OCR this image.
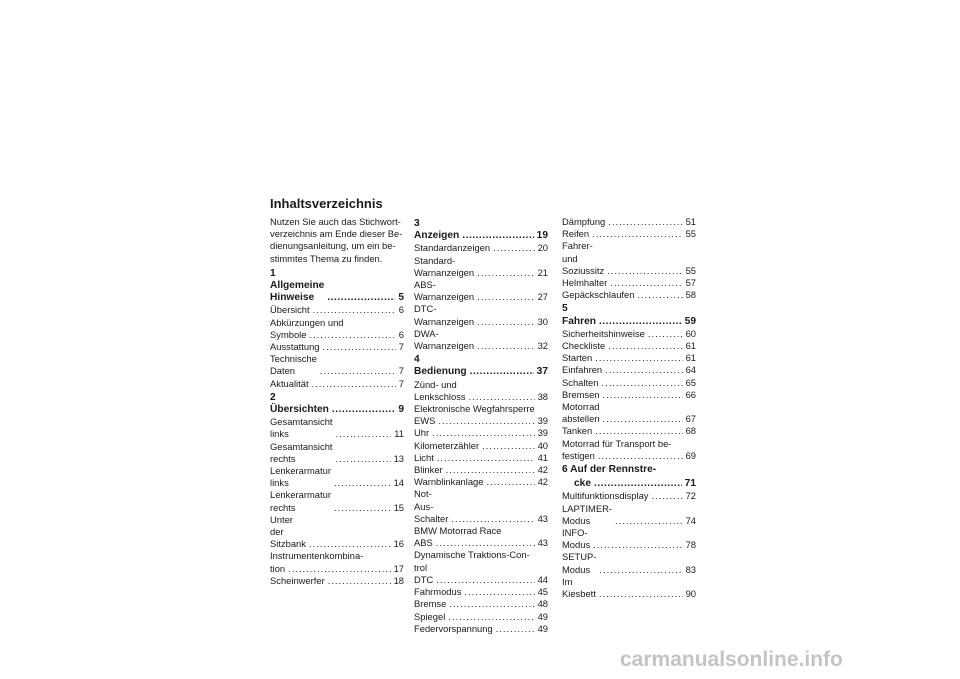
Inhaltsverzeichnis
Nutzen Sie auch das Stichwort-
verzeichnis am Ende dieser Be-
dienungsanleitung, um ein be-
stimmtes Thema zu finden.
1 Allgemeine Hinweise .....	5
Übersicht .....	6
Abkürzungen und
Symbole .....	6
Ausstattung .....	7
Technische Daten .....	7
Aktualität .....	7
2 Übersichten .....	9
Gesamtansicht links .....	11
Gesamtansicht rechts .....	13
Lenkerarmatur links .....	14
Lenkerarmatur rechts .....	15
Unter der Sitzbank .....	16
Instrumentenkombina-
tion .....	17
Scheinwerfer .....	18
3 Anzeigen .....	19
Standardanzeigen .....	20
Standard-Warnanzeigen .....	21
ABS-Warnanzeigen .....	27
DTC-Warnanzeigen .....	30
DWA-Warnanzeigen .....	32
4 Bedienung .....	37
Zünd- und Lenkschloss .....	38
Elektronische Wegfahrsperre
EWS .....	39
Uhr .....	39
Kilometerzähler .....	40
Licht .....	41
Blinker .....	42
Warnblinkanlage .....	42
Not-Aus-Schalter .....	43
BMW Motorrad Race
ABS .....	43
Dynamische Traktions-Con-
trol DTC .....	44
Fahrmodus .....	45
Bremse .....	48
Spiegel .....	49
Federvorspannung .....	49
Dämpfung .....	51
Reifen .....	55
Fahrer- und Soziussitz .....	55
Helmhalter .....	57
Gepäckschlaufen .....	58
5 Fahren .....	59
Sicherheitshinweise .....	60
Checkliste .....	61
Starten .....	61
Einfahren .....	64
Schalten .....	65
Bremsen .....	66
Motorrad abstellen .....	67
Tanken .....	68
Motorrad für Transport be-
festigen .....	69
6 Auf der Rennstre-
cke .....	71
Multifunktionsdisplay .....	72
LAPTIMER-Modus .....	74
INFO-Modus .....	78
SETUP-Modus .....	83
Im Kiesbett .....	90

carmanualsonline.info
